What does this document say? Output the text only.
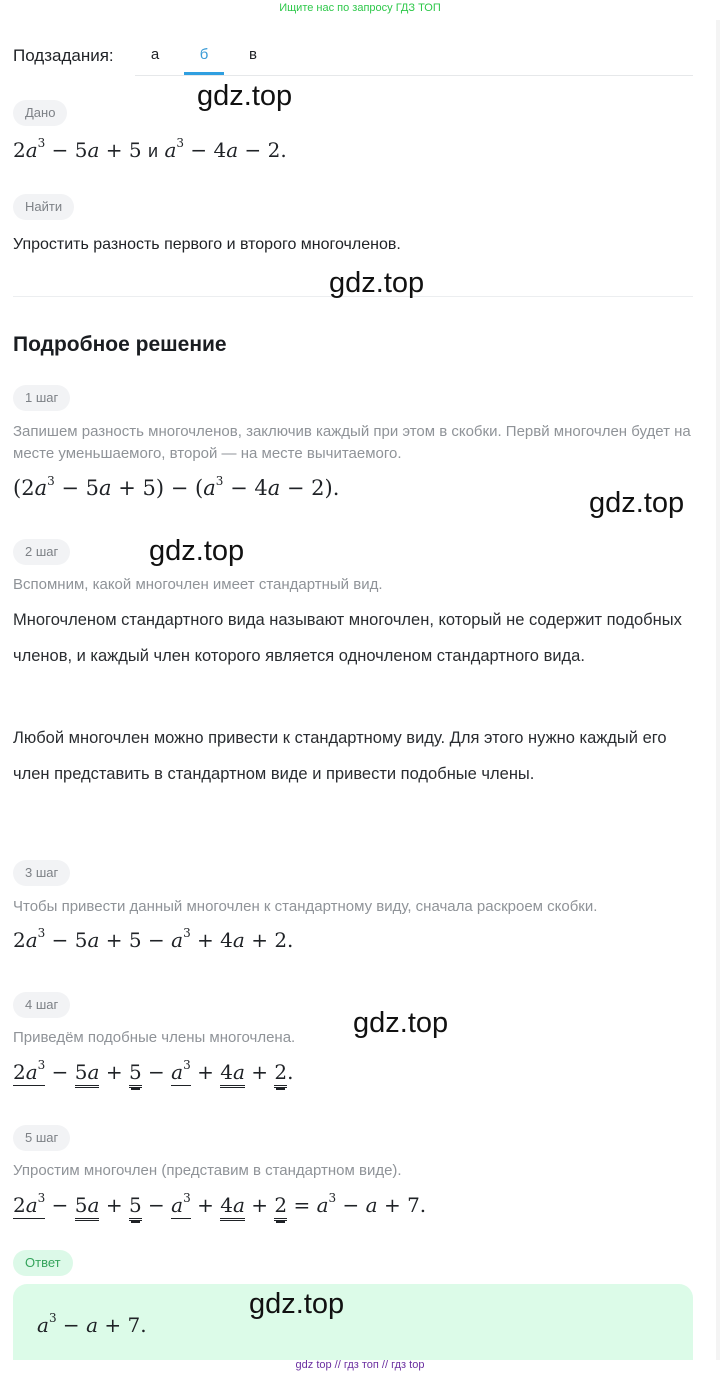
Ищите нас по запросу ГДЗ ТОП
Подзадания:	а	б	в
Дано
$2a^3 - 5a + 5$ и $a^3 - 4a - 2$.
Найти
Упростить разность первого и второго многочленов.
Подробное решение
1 шаг
Запишем разность многочленов, заключив каждый при этом в скобки. Первй многочлен будет на месте уменьшаемого, второй — на месте вычитаемого.
$(2a^3 - 5a + 5) - (a^3 - 4a - 2)$.
2 шаг
Вспомним, какой многочлен имеет стандартный вид.
Многочленом стандартного вида называют многочлен, который не содержит подобных членов, и каждый член которого является одночленом стандартного вида.
Любой многочлен можно привести к стандартному виду. Для этого нужно каждый его член представить в стандартном виде и привести подобные члены.
3 шаг
Чтобы привести данный многочлен к стандартному виду, сначала раскроем скобки.
$2a^3 - 5a + 5 - a^3 + 4a + 2$.
4 шаг
Приведём подобные члены многочлена.
$2a^3 - 5a + 5 - a^3 + 4a + 2$.
5 шаг
Упростим многочлен (представим в стандартном виде).
$2a^3 - 5a + 5 - a^3 + 4a + 2 = a^3 - a + 7$.
Ответ
$a^3 - a + 7$.
gdz.top
gdz.top
gdz.top
gdz.top
gdz.top
gdz.top
gdz top // гдз топ // гдз top
